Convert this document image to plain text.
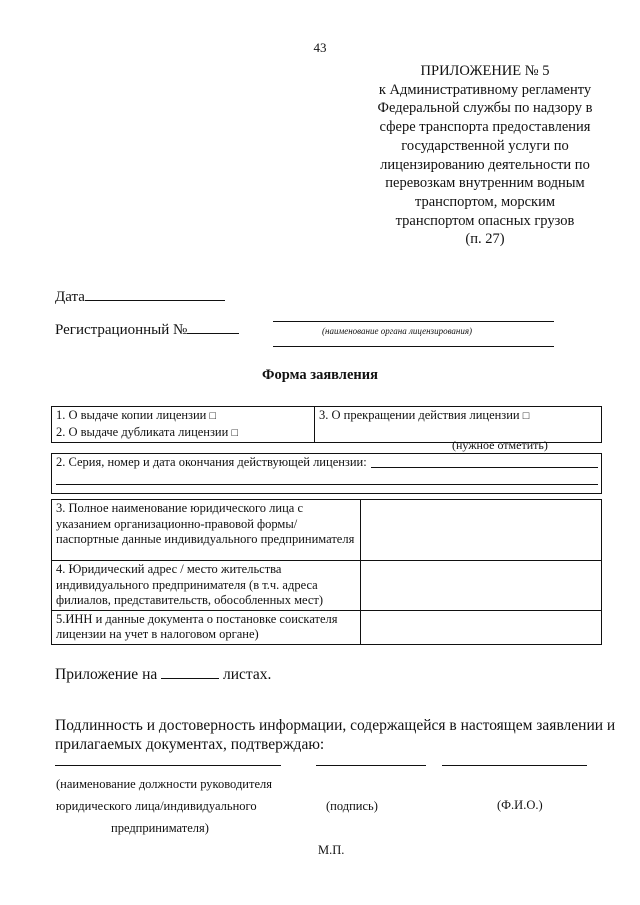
43
ПРИЛОЖЕНИЕ № 5
к Административному регламенту
Федеральной службы по надзору в
сфере транспорта предоставления
государственной услуги по
лицензированию деятельности по
перевозкам внутренним водным
транспортом, морским
транспортом опасных грузов
(п. 27)
Дата
Регистрационный №	(наименование органа лицензирования)
Форма заявления
1. О выдаче копии лицензии □
2. О выдаче дубликата лицензии □

3. О прекращении действия лицензии □
(нужное отметить)
2. Серия, номер и дата окончания действующей лицензии:
3. Полное наименование юридического лица с указанием организационно-правовой формы/паспортные данные индивидуального предпринимателя	
4. Юридический адрес / место жительства индивидуального предпринимателя (в т.ч. адреса филиалов, представительств, обособленных мест)	
5.ИНН и данные документа о постановке соискателя лицензии на учет в налоговом органе)	
Приложение на	листах.
Подлинность и достоверность информации, содержащейся в настоящем заявлении и
прилагаемых документах, подтверждаю:
(наименование должности руководителя
юридического лица/индивидуального
предпринимателя)
(подпись)	(Ф.И.О.)
М.П.
